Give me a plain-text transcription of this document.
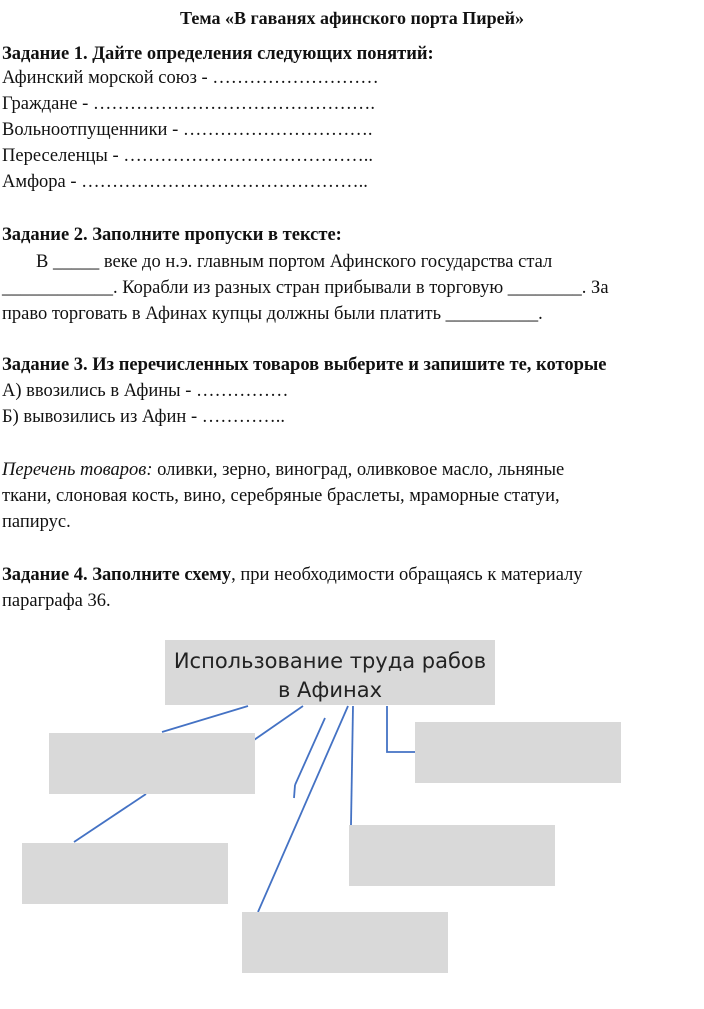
Тема «В гаванях афинского порта Пирей»
Задание 1. Дайте определения следующих понятий:
Афинский морской союз - ………………………
Граждане - ……………………………………….
Вольноотпущенники - ………………………….
Переселенцы - …………………………………..
Амфора - ………………………………………..
Задание 2. Заполните пропуски в тексте:
В _____ веке до н.э. главным портом Афинского государства стал
____________. Корабли из разных стран прибывали в торговую ________. За
право торговать в Афинах купцы должны были платить __________.
Задание 3. Из перечисленных товаров выберите и запишите те, которые
А) ввозились в Афины - ……………
Б) вывозились из Афин - …………..
Перечень товаров: оливки, зерно, виноград, оливковое масло, льняные
ткани, слоновая кость, вино, серебряные браслеты, мраморные статуи,
папирус.
Задание 4. Заполните схему, при необходимости обращаясь к материалу
параграфа 36.
Использование труда рабов
в Афинах
